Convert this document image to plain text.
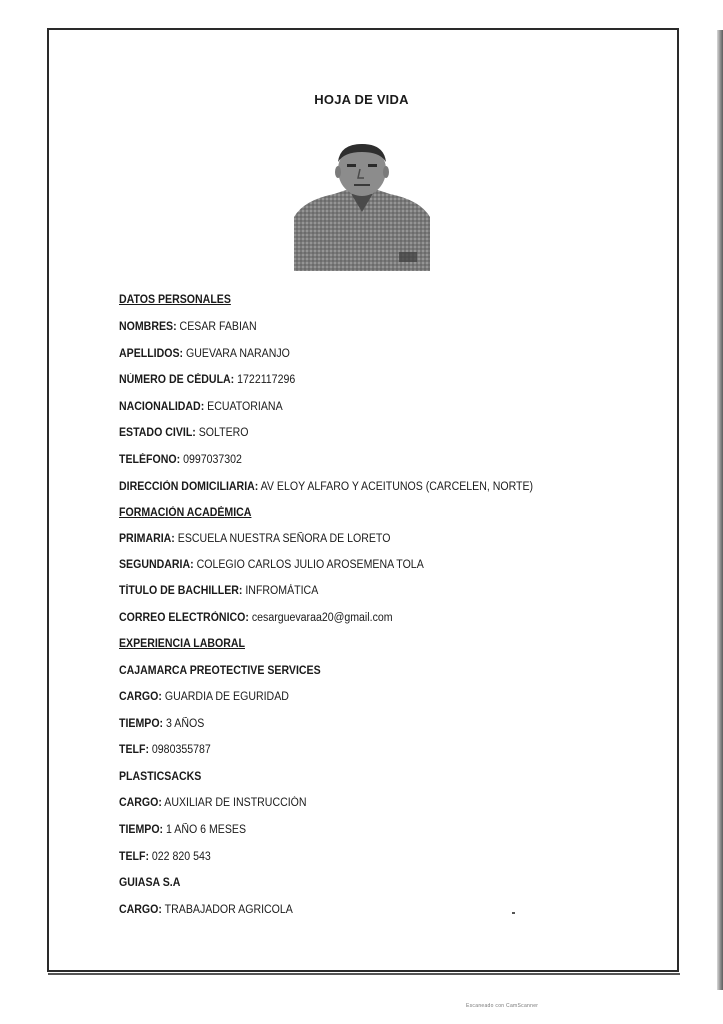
HOJA DE VIDA
DATOS PERSONALES
NOMBRES: CESAR FABIAN
APELLIDOS: GUEVARA NARANJO
NÙMERO DE CÈDULA: 1722117296
NACIONALIDAD: ECUATORIANA
ESTADO CIVIL: SOLTERO
TELÈFONO: 0997037302
DIRECCIÒN DOMICILIARIA: AV ELOY ALFARO Y ACEITUNOS (CARCELEN, NORTE)
FORMACIÒN ACADÈMICA
PRIMARIA: ESCUELA NUESTRA SEÑORA DE LORETO
SEGUNDARIA: COLEGIO CARLOS JULIO AROSEMENA TOLA
TÌTULO DE BACHILLER: INFROMÀTICA
CORREO ELECTRÒNICO: cesarguevaraa20@gmail.com
EXPERIENCIA LABORAL
CAJAMARCA PREOTECTIVE SERVICES
CARGO: GUARDIA DE EGURIDAD
TIEMPO: 3 AÑOS
TELF: 0980355787
PLASTICSACKS
CARGO: AUXILIAR DE INSTRUCCIÓN
TIEMPO: 1 AÑO 6 MESES
TELF: 022 820 543
GUIASA S.A
CARGO: TRABAJADOR AGRICOLA
Escaneado con CamScanner
